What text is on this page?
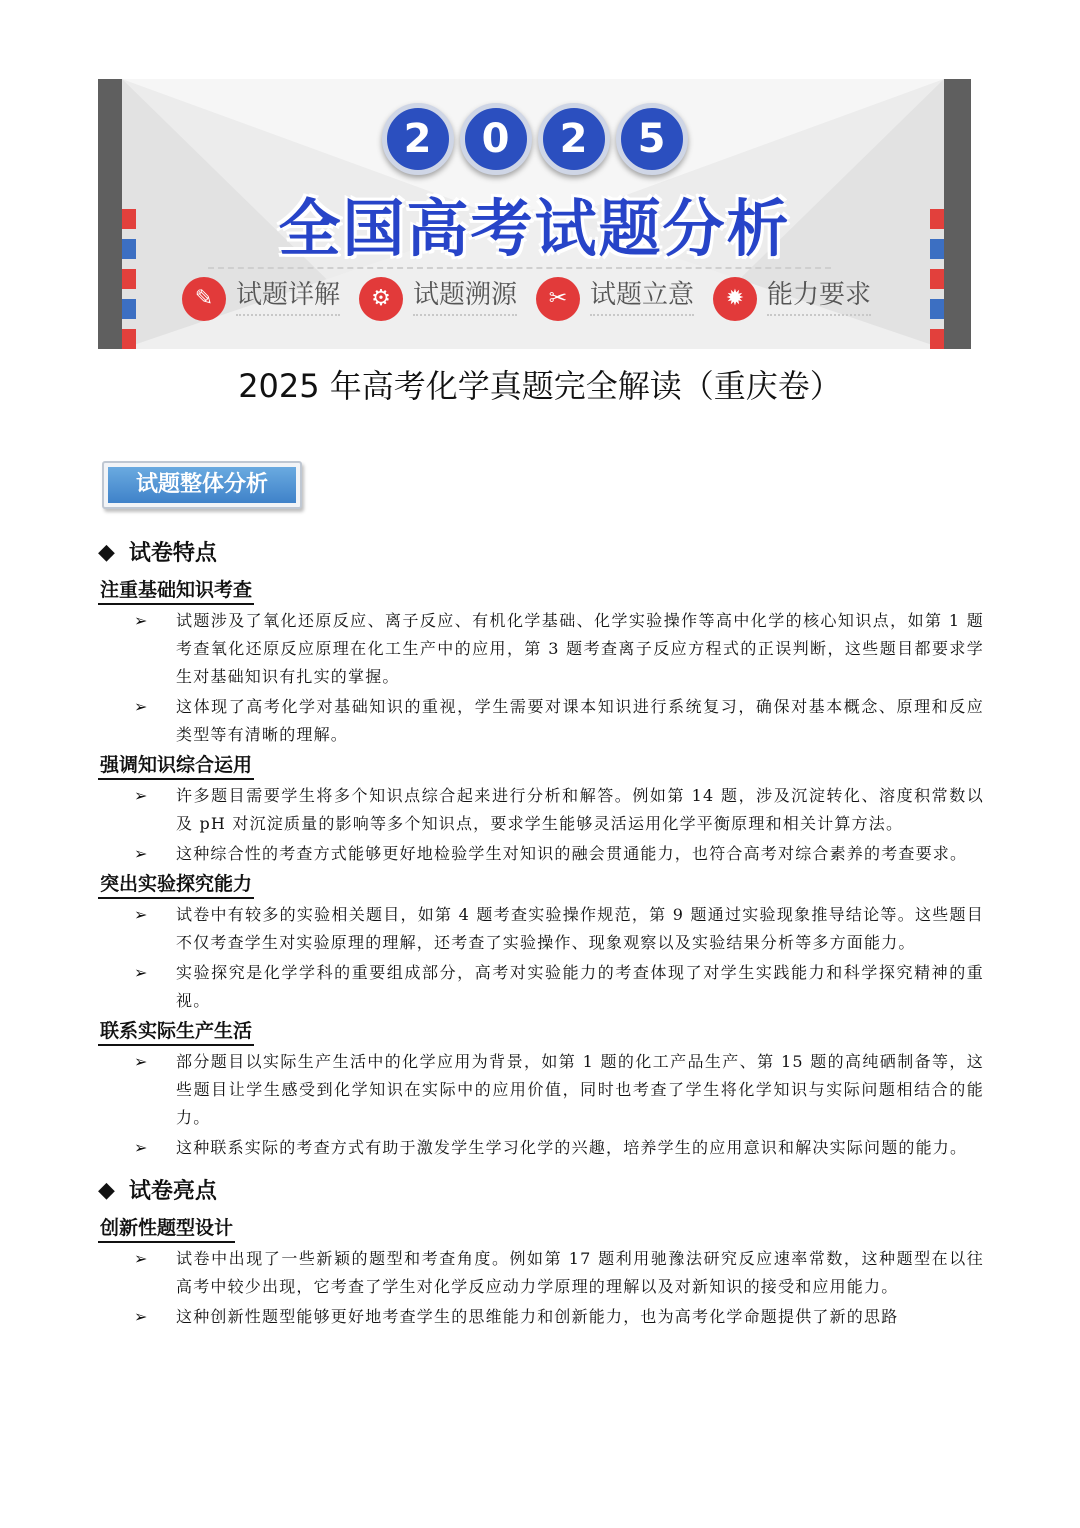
2	0	2	5
全国高考试题分析
✎ 试题详解	⚙ 试题溯源	✂ 试题立意	✹ 能力要求
2025 年高考化学真题完全解读（重庆卷）
试题整体分析
◆ 试卷特点
注重基础知识考查
➢	试题涉及了氧化还原反应、离子反应、有机化学基础、化学实验操作等高中化学的核心知识点，如第 1 题考查氧化还原反应原理在化工生产中的应用，第 3 题考查离子反应方程式的正误判断，这些题目都要求学生对基础知识有扎实的掌握。
➢	这体现了高考化学对基础知识的重视，学生需要对课本知识进行系统复习，确保对基本概念、原理和反应类型等有清晰的理解。
强调知识综合运用
➢	许多题目需要学生将多个知识点综合起来进行分析和解答。例如第 14 题，涉及沉淀转化、溶度积常数以及 pH 对沉淀质量的影响等多个知识点，要求学生能够灵活运用化学平衡原理和相关计算方法。
➢	这种综合性的考查方式能够更好地检验学生对知识的融会贯通能力，也符合高考对综合素养的考查要求。
突出实验探究能力
➢	试卷中有较多的实验相关题目，如第 4 题考查实验操作规范，第 9 题通过实验现象推导结论等。这些题目不仅考查学生对实验原理的理解，还考查了实验操作、现象观察以及实验结果分析等多方面能力。
➢	实验探究是化学学科的重要组成部分，高考对实验能力的考查体现了对学生实践能力和科学探究精神的重视。
联系实际生产生活
➢	部分题目以实际生产生活中的化学应用为背景，如第 1 题的化工产品生产、第 15 题的高纯硒制备等，这些题目让学生感受到化学知识在实际中的应用价值，同时也考查了学生将化学知识与实际问题相结合的能力。
➢	这种联系实际的考查方式有助于激发学生学习化学的兴趣，培养学生的应用意识和解决实际问题的能力。
◆ 试卷亮点
创新性题型设计
➢	试卷中出现了一些新颖的题型和考查角度。例如第 17 题利用驰豫法研究反应速率常数，这种题型在以往高考中较少出现，它考查了学生对化学反应动力学原理的理解以及对新知识的接受和应用能力。
➢	这种创新性题型能够更好地考查学生的思维能力和创新能力，也为高考化学命题提供了新的思路
